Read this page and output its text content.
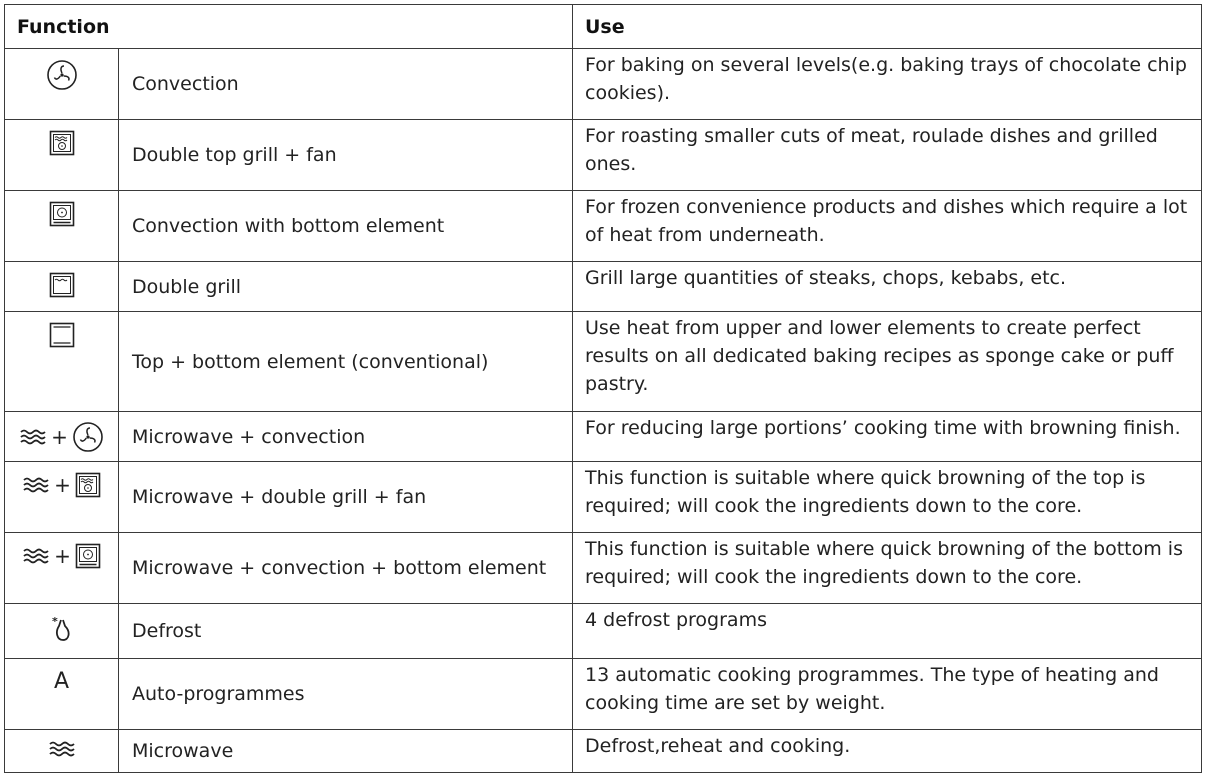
Function		Use
	Convection	For baking on several levels(e.g. baking trays of chocolate chip cookies).
	Double top grill + fan	For roasting smaller cuts of meat, roulade dishes and grilled ones.
	Convection with bottom element	For frozen convenience products and dishes which require a lot of heat from underneath.
	Double grill	Grill large quantities of steaks, chops, kebabs, etc.
	Top + bottom element (conventional)	Use heat from upper and lower elements to create perfect results on all dedicated baking recipes as sponge cake or puff pastry.

+	Microwave + convection	For reducing large portions’ cooking time with browning finish.

+	Microwave + double grill + fan	This function is suitable where quick browning of the top is required; will cook the ingredients down to the core.

+	Microwave + convection + bottom element	This function is suitable where quick browning of the bottom is required; will cook the ingredients down to the core.

*	Defrost	4 defrost programs
A	Auto-programmes	13 automatic cooking programmes. The type of heating and cooking time are set by weight.
	Microwave	Defrost,reheat and cooking.
